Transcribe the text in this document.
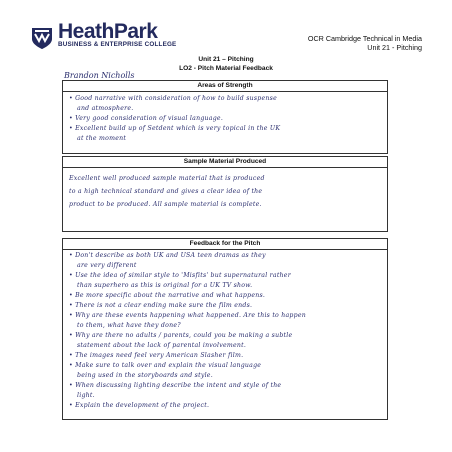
HeathPark
BUSINESS & ENTERPRISE COLLEGE
OCR Cambridge Technical in Media
Unit 21 - Pitching
Unit 21 – Pitching
LO2 - Pitch Material Feedback
Brandon Nicholls
Areas of Strength
• Good narrative with consideration of how to build suspense
and atmosphere.
• Very good consideration of visual language.
• Excellent build up of Setdent which is very topical in the UK
at the moment
Sample Material Produced
Excellent well produced sample material that is produced
to a high technical standard and gives a clear idea of the
product to be produced. All sample material is complete.
Feedback for the Pitch
• Don't describe as both UK and USA teen dramas as they
are very different
• Use the idea of similar style to 'Misfits' but supernatural rather
than superhero as this is original for a UK TV show.
• Be more specific about the narrative and what happens.
• There is not a clear ending make sure the film ends.
• Why are these events happening what happened. Are this to happen
to them, what have they done?
• Why are there no adults / parents, could you be making a subtle
statement about the lack of parental involvement.
• The images need feel very American Slasher film.
• Make sure to talk over and explain the visual language
being used in the storyboards and style.
• When discussing lighting describe the intent and style of the
light.
• Explain the development of the project.
